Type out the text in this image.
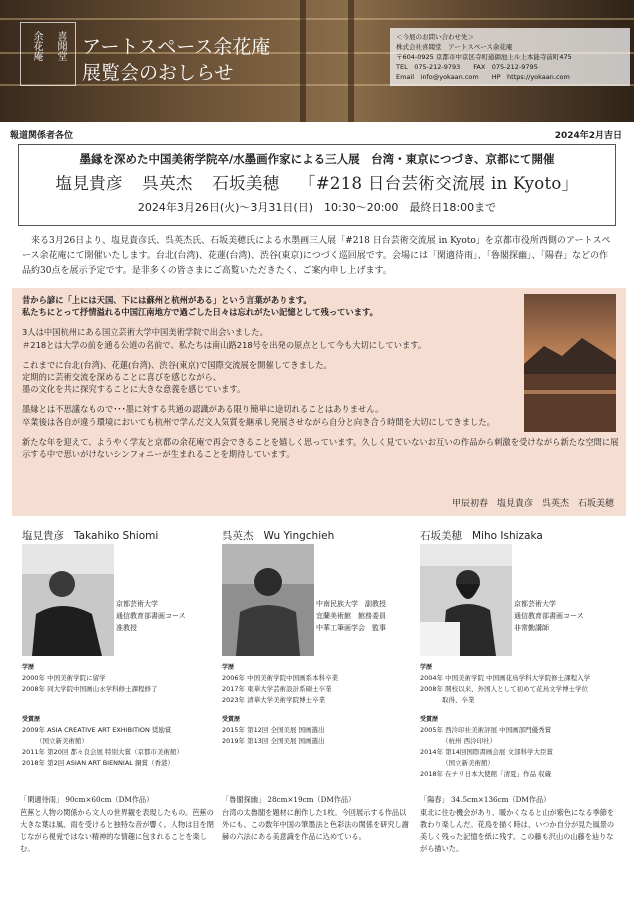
余花庵 喜聞堂 アートスペース余花庵
展覧会のおしらせ
＜今展のお問い合わせ先＞
株式会社喜聞堂　アートスペース余花庵
〒604-0925 京都市中京区寺町通御池上ル上本能寺前町475
TEL　075-212-9793　　FAX　075-212-9795
Email　info@yokaan.com　　HP　https://yokaan.com
報道関係者各位	2024年2月吉日
墨縁を深めた中国美術学院卒/水墨画作家による三人展　台湾・東京につづき、京都にて開催
塩見貴彦 呉英杰 石坂美穂 「#218 日台芸術交流展 in Kyoto」
2024年3月26日(火)〜3月31日(日)　10:30〜20:00　最終日18:00まで
来る3月26日より、塩見貴彦氏、呉英杰氏、石坂美穂氏による水墨画三人展「#218 日台芸術交流展 in Kyoto」を京都市役所西側のアートスペース余花庵にて開催いたします。台北(台湾)、花蓮(台湾)、渋谷(東京)につづく巡回展です。会場には「閑適待雨」、「魯閣探幽」、「陽春」などの作品約30点を展示予定です。是非多くの皆さまにご高覧いただきたく、ご案内申し上げます。

昔から諺に「上には天国、下には蘇州と杭州がある」という言葉があります。
私たちにとって抒情溢れる中国江南地方で過ごした日々は忘れがたい記憶として残っています。

3人は中国杭州にある国立芸術大学中国美術学院で出会いました。
＃218とは大学の前を通る公道の名前で、私たちは南山路218号を出発の原点として今も大切にしています。

これまでに台北(台湾)、花蓮(台湾)、渋谷(東京)で国際交流展を開催してきました。
定期的に芸術交流を深めることに喜びを感じながら、
墨の文化を共に探究することに大きな意義を感じています。

墨縁とは不思議なもので･･･墨に対する共通の認識がある限り簡単に途切れることはありません。
卒業後は各自が違う環境においても杭州で学んだ文人気質を継承し発展させながら自分と向き合う時間を大切にしてきました。

新たな年を迎えて、ようやく学友と京都の余花庵で再会できることを嬉しく思っています。久しく見ていないお互いの作品から刺激を受けながら新たな空間に展示する中で思いがけないシンフォニーが生まれることを期待しています。

甲辰初春　塩見貴彦　呉英杰　石坂美穂
塩見貴彦 Takahiko Shiomi
京都芸術大学
通信教育部書画コース
准教授
学歴
2000年 中国美術学院に留学
2008年 同大学院中国画山水学科修士課程修了
受賞歴
2009年 ASIA CREATIVE ART EXHIBITION 奨励賞
（国立新美術館）
2011年 第20回 都々良会展 特別大賞（京都市美術館）
2018年 第2回 ASIAN ART BIENNIAL 銅賞（香港）
呉英杰 Wu Yingchieh
中南民族大学　副教授
宜蘭美術館　館務委員
中華工筆画学会　監事
学歴
2006年 中国美術学院中国画系本科卒業
2017年 東華大学芸術設計系碩士卒業
2023年 清華大学美術学院博士卒業
受賞歴
2015年 第12回 全国美展 国画選出
2019年 第13回 全国美展 国画選出
石坂美穂 Miho Ishizaka
京都芸術大学
通信教育部書画コース
非常勤講師
学歴
2004年 中国美術学院 中国画花鳥学科大学院修士課程入学
2008年 開校以来、外国人として初めて花鳥文学博士学位
取得、卒業
受賞歴
2005年 西泠印社美術評展 中国画部門優秀賞
（杭州 西泠印社）
2014年 第14回国際書画会展 文部科学大臣賞
（国立新美術館）
2018年 在チリ日本大使館「清夏」作品 収蔵
「閑適待雨」 90cm×60cm（DM作品）
芭蕉と人物の関係から文人の世界観を表現したもの。芭蕉の大きな葉は風、雨を受けると独特な音が響く。人物は目を閉じながら視覚ではない精神的な情趣に包まれることを楽しむ。
「魯閣探幽」 28cm×19cm（DM作品）
台湾の太魯閣を題材に創作した1枚。今回展示する作品以外にも、この数年中国の筆墨法と色彩法の関係を研究し謝赫の六法にある美意識を作品に込めている。
「陽春」 34.5cm×136cm（DM作品）
東北に住む機会があり、暖かくなると山が紫色になる季節を教わり楽しんだ。花鳥を描く時は、いつか自分が見た風景の美しく残った記憶を紙に残す。この藤も沢山の山藤を辿りながら描いた。
